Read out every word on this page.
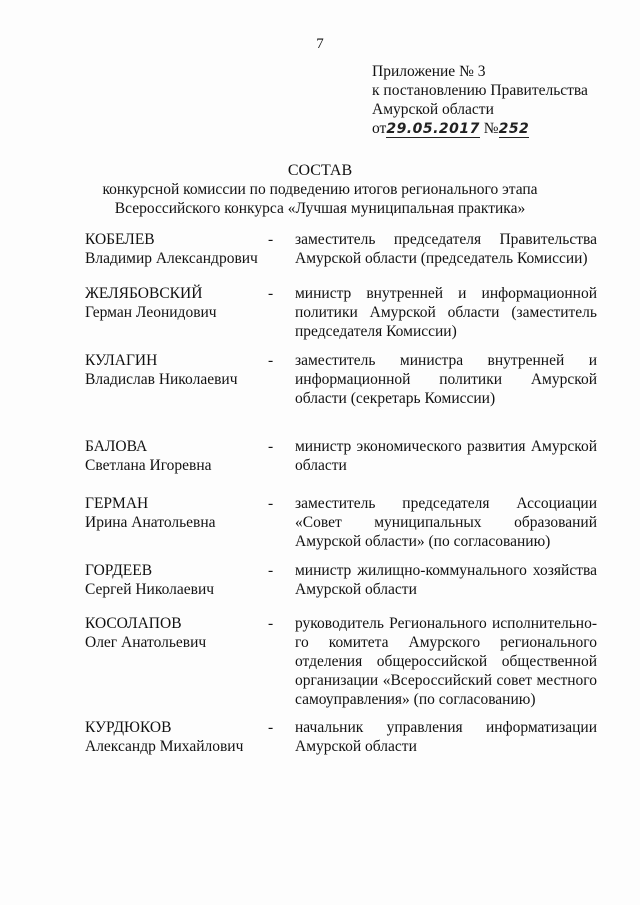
7
Приложение № 3
к постановлению Правительства
Амурской области
от29.05.2017 №252
СОСТАВ
конкурсной комиссии по подведению итогов регионального этапа
Всероссийского конкурса «Лучшая муниципальная практика»
КОБЕЛЕВ
Владимир Александрович
- заместитель председателя Правительства
Амурской области (председатель Комиссии)
ЖЕЛЯБОВСКИЙ
Герман Леонидович
- министр внутренней и информационной
политики Амурской области (заместитель
председателя Комиссии)
КУЛАГИН
Владислав Николаевич
- заместитель министра внутренней и
информационной политики Амурской
области (секретарь Комиссии)
БАЛОВА
Светлана Игоревна
- министр экономического развития Амурской
области
ГЕРМАН
Ирина Анатольевна
- заместитель председателя Ассоциации
«Совет муниципальных образований
Амурской области» (по согласованию)
ГОРДЕЕВ
Сергей Николаевич
- министр жилищно-коммунального хозяйства
Амурской области
КОСОЛАПОВ
Олег Анатольевич
- руководитель Регионального исполнительно-
го комитета Амурского регионального
отделения общероссийской общественной
организации «Всероссийский совет местного
самоуправления» (по согласованию)
КУРДЮКОВ
Александр Михайлович
- начальник управления информатизации
Амурской области
